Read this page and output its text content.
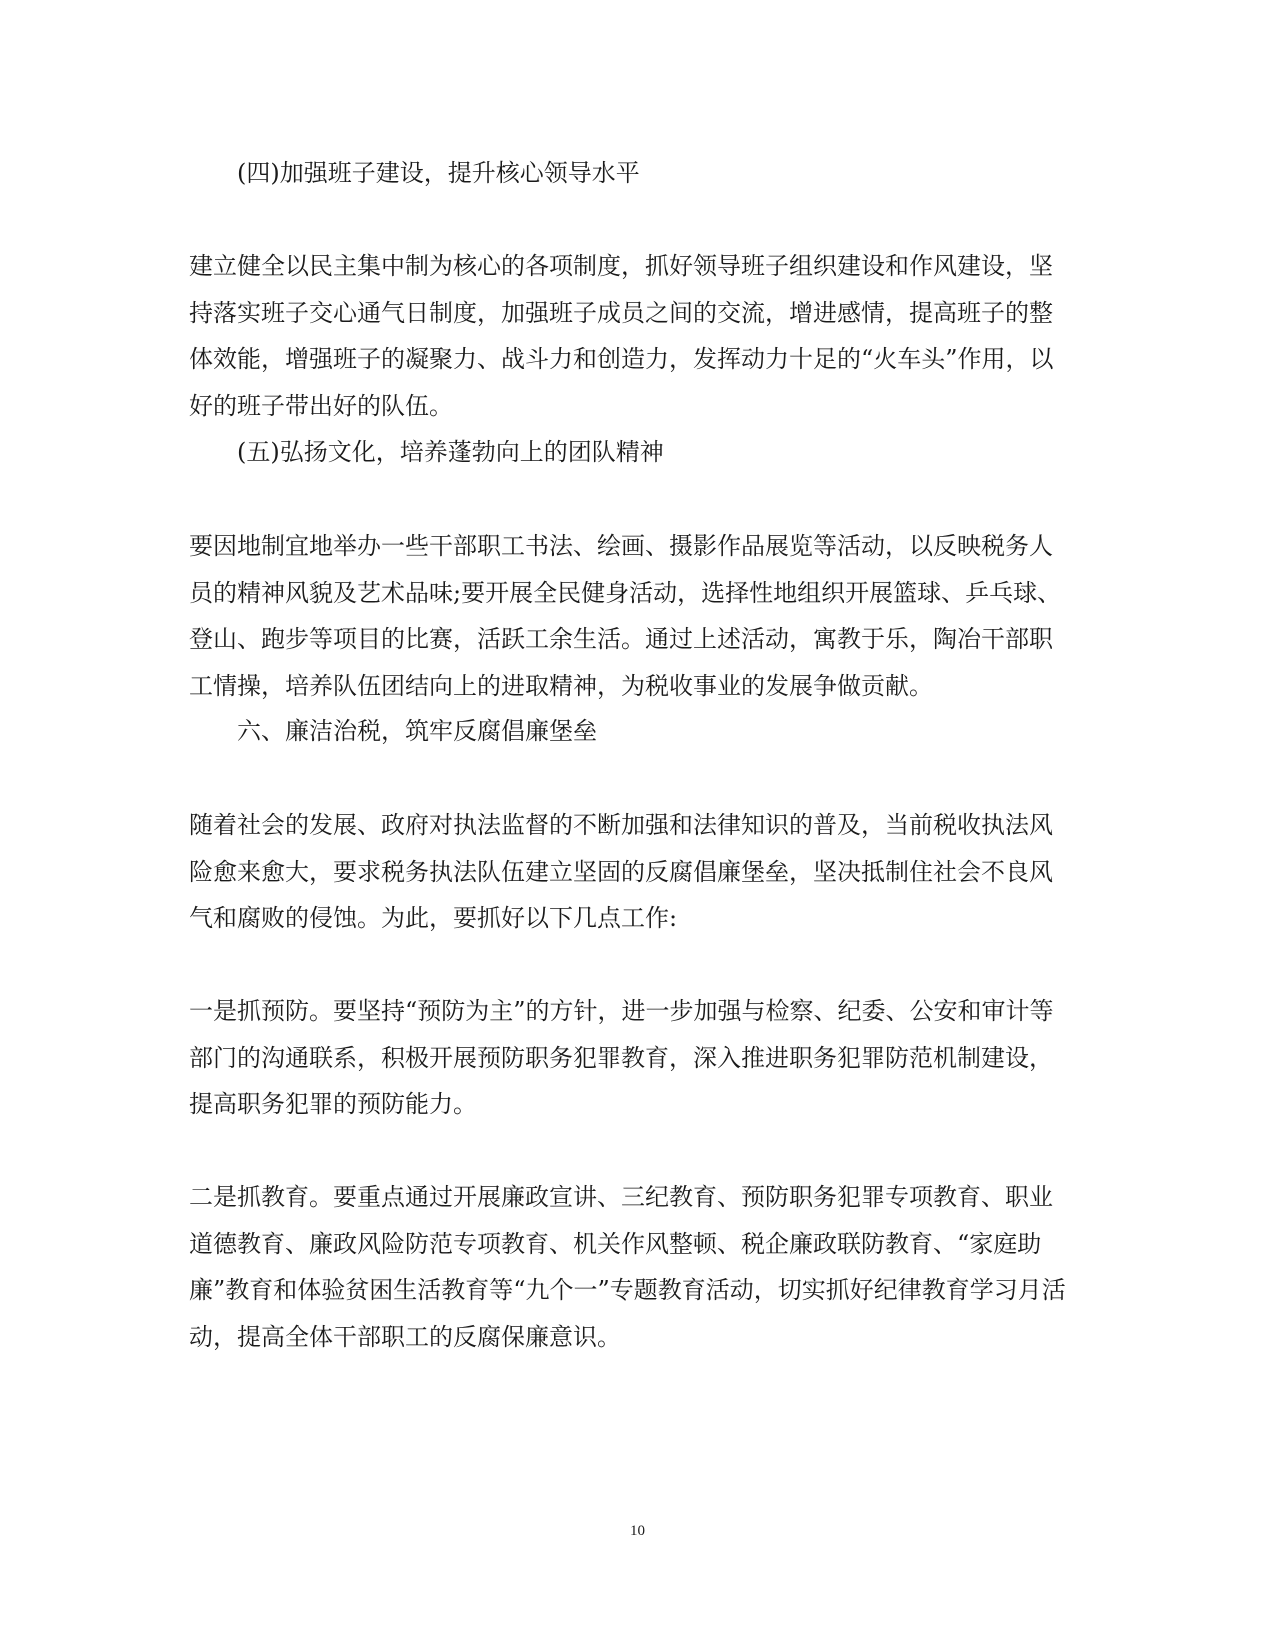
(四)加强班子建设，提升核心领导水平
建立健全以民主集中制为核心的各项制度，抓好领导班子组织建设和作风建设，坚持落实班子交心通气日制度，加强班子成员之间的交流，增进感情，提高班子的整体效能，增强班子的凝聚力、战斗力和创造力，发挥动力十足的“火车头”作用，以好的班子带出好的队伍。
(五)弘扬文化，培养蓬勃向上的团队精神
要因地制宜地举办一些干部职工书法、绘画、摄影作品展览等活动，以反映税务人员的精神风貌及艺术品味;要开展全民健身活动，选择性地组织开展篮球、乒乓球、登山、跑步等项目的比赛，活跃工余生活。通过上述活动，寓教于乐，陶冶干部职工情操，培养队伍团结向上的进取精神，为税收事业的发展争做贡献。
六、廉洁治税，筑牢反腐倡廉堡垒
随着社会的发展、政府对执法监督的不断加强和法律知识的普及，当前税收执法风险愈来愈大，要求税务执法队伍建立坚固的反腐倡廉堡垒，坚决抵制住社会不良风气和腐败的侵蚀。为此，要抓好以下几点工作:
一是抓预防。要坚持“预防为主”的方针，进一步加强与检察、纪委、公安和审计等部门的沟通联系，积极开展预防职务犯罪教育，深入推进职务犯罪防范机制建设，提高职务犯罪的预防能力。
二是抓教育。要重点通过开展廉政宣讲、三纪教育、预防职务犯罪专项教育、职业道德教育、廉政风险防范专项教育、机关作风整顿、税企廉政联防教育、“家庭助廉”教育和体验贫困生活教育等“九个一”专题教育活动，切实抓好纪律教育学习月活动，提高全体干部职工的反腐保廉意识。
10
